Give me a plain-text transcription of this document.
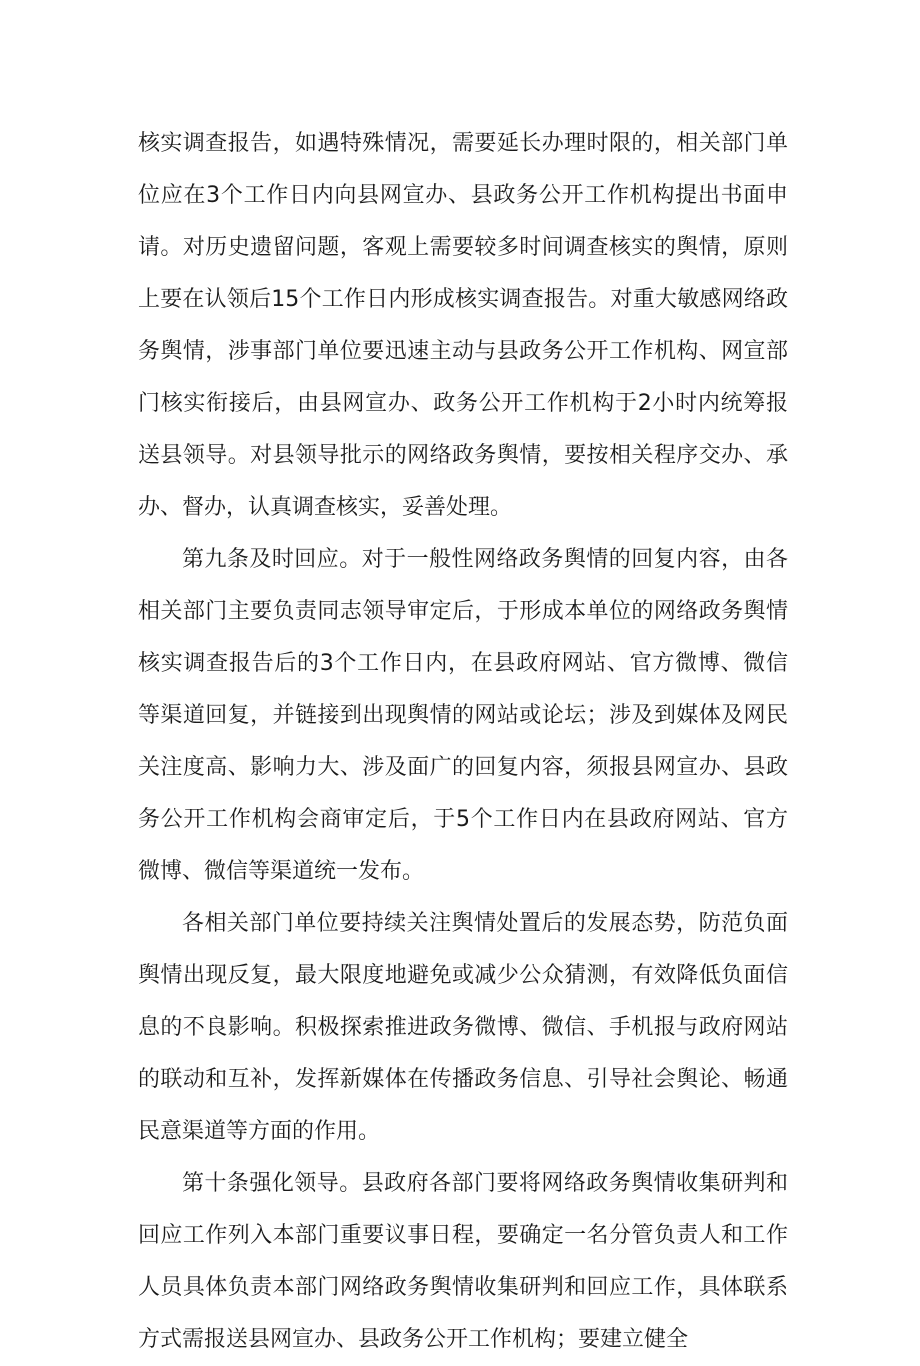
核实调查报告，如遇特殊情况，需要延长办理时限的，相关部门单位应在3个工作日内向县网宣办、县政务公开工作机构提出书面申请。对历史遗留问题，客观上需要较多时间调查核实的舆情，原则上要在认领后15个工作日内形成核实调查报告。对重大敏感网络政务舆情，涉事部门单位要迅速主动与县政务公开工作机构、网宣部门核实衔接后，由县网宣办、政务公开工作机构于2小时内统筹报送县领导。对县领导批示的网络政务舆情，要按相关程序交办、承办、督办，认真调查核实，妥善处理。

第九条及时回应。对于一般性网络政务舆情的回复内容，由各相关部门主要负责同志领导审定后，于形成本单位的网络政务舆情核实调查报告后的3个工作日内，在县政府网站、官方微博、微信等渠道回复，并链接到出现舆情的网站或论坛；涉及到媒体及网民关注度高、影响力大、涉及面广的回复内容，须报县网宣办、县政务公开工作机构会商审定后，于5个工作日内在县政府网站、官方微博、微信等渠道统一发布。

各相关部门单位要持续关注舆情处置后的发展态势，防范负面舆情出现反复，最大限度地避免或减少公众猜测，有效降低负面信息的不良影响。积极探索推进政务微博、微信、手机报与政府网站的联动和互补，发挥新媒体在传播政务信息、引导社会舆论、畅通民意渠道等方面的作用。

第十条强化领导。县政府各部门要将网络政务舆情收集研判和回应工作列入本部门重要议事日程，要确定一名分管负责人和工作人员具体负责本部门网络政务舆情收集研判和回应工作，具体联系方式需报送县网宣办、县政务公开工作机构；要建立健全
